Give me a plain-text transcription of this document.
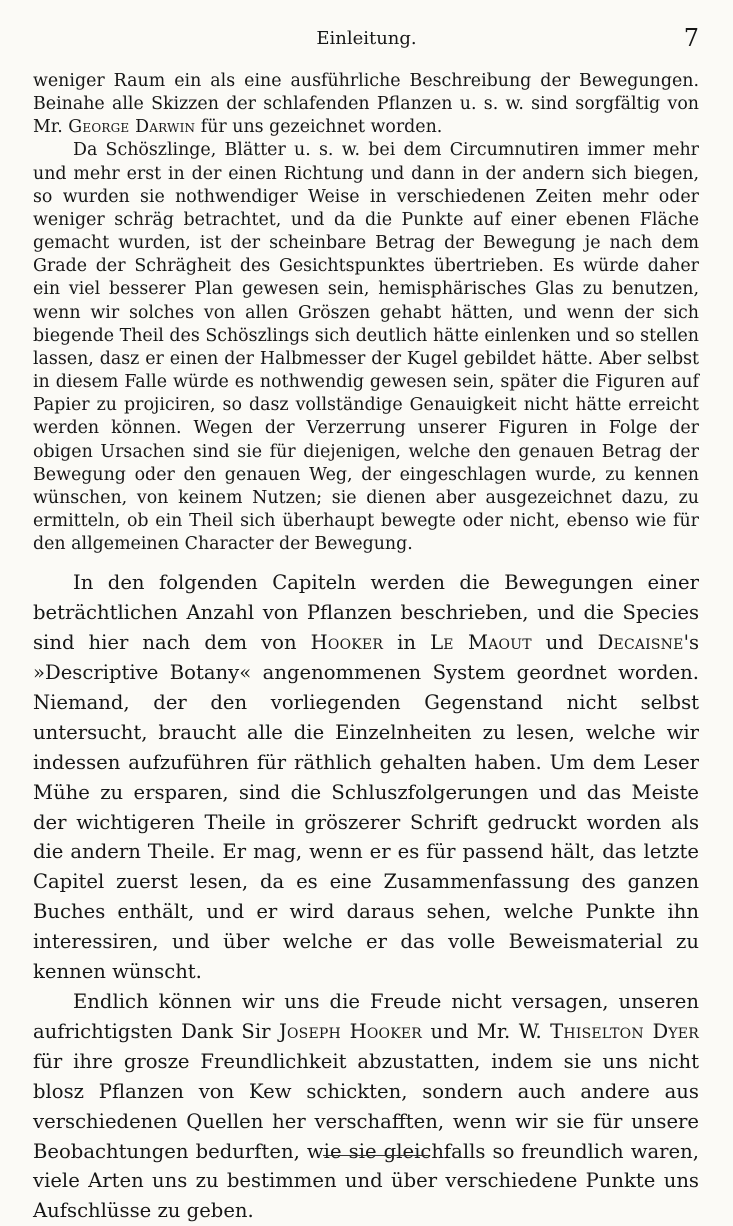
Einleitung.	7

weniger Raum ein als eine ausführliche Beschreibung der Bewegungen. Beinahe alle Skizzen der schlafenden Pflanzen u. s. w. sind sorgfältig von Mr. George Darwin für uns gezeichnet worden.

Da Schöszlinge, Blätter u. s. w. bei dem Circumnutiren immer mehr und mehr erst in der einen Richtung und dann in der andern sich biegen, so wurden sie nothwendiger Weise in verschiedenen Zeiten mehr oder weniger schräg betrachtet, und da die Punkte auf einer ebenen Fläche gemacht wurden, ist der scheinbare Betrag der Bewegung je nach dem Grade der Schrägheit des Gesichtspunktes übertrieben. Es würde daher ein viel besserer Plan gewesen sein, hemisphärisches Glas zu benutzen, wenn wir solches von allen Gröszen gehabt hätten, und wenn der sich biegende Theil des Schöszlings sich deutlich hätte einlenken und so stellen lassen, dasz er einen der Halbmesser der Kugel gebildet hätte. Aber selbst in diesem Falle würde es nothwendig gewesen sein, später die Figuren auf Papier zu projiciren, so dasz vollständige Genauigkeit nicht hätte erreicht werden können. Wegen der Verzerrung unserer Figuren in Folge der obigen Ursachen sind sie für diejenigen, welche den genauen Betrag der Bewegung oder den genauen Weg, der eingeschlagen wurde, zu kennen wünschen, von keinem Nutzen; sie dienen aber ausgezeichnet dazu, zu ermitteln, ob ein Theil sich überhaupt bewegte oder nicht, ebenso wie für den allgemeinen Character der Bewegung.

In den folgenden Capiteln werden die Bewegungen einer beträchtlichen Anzahl von Pflanzen beschrieben, und die Species sind hier nach dem von Hooker in Le Maout und Decaisne's »Descriptive Botany« angenommenen System geordnet worden. Niemand, der den vorliegenden Gegenstand nicht selbst untersucht, braucht alle die Einzelnheiten zu lesen, welche wir indessen aufzuführen für räthlich gehalten haben. Um dem Leser Mühe zu ersparen, sind die Schluszfolgerungen und das Meiste der wichtigeren Theile in gröszerer Schrift gedruckt worden als die andern Theile. Er mag, wenn er es für passend hält, das letzte Capitel zuerst lesen, da es eine Zusammenfassung des ganzen Buches enthält, und er wird daraus sehen, welche Punkte ihn interessiren, und über welche er das volle Beweismaterial zu kennen wünscht.

Endlich können wir uns die Freude nicht versagen, unseren aufrichtigsten Dank Sir Joseph Hooker und Mr. W. Thiselton Dyer für ihre grosze Freundlichkeit abzustatten, indem sie uns nicht blosz Pflanzen von Kew schickten, sondern auch andere aus verschiedenen Quellen her verschafften, wenn wir sie für unsere Beobachtungen bedurften, wie sie gleichfalls so freundlich waren, viele Arten uns zu bestimmen und über verschiedene Punkte uns Aufschlüsse zu geben.
